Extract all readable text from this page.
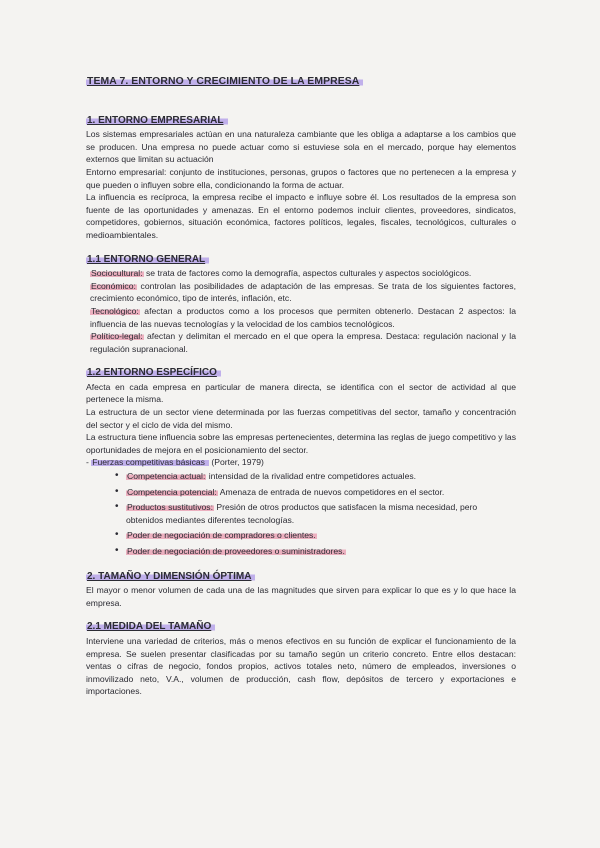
TEMA 7. ENTORNO Y CRECIMIENTO DE LA EMPRESA
1. ENTORNO EMPRESARIAL

Los sistemas empresariales actúan en una naturaleza cambiante que les obliga a adaptarse a los cambios que se producen. Una empresa no puede actuar como si estuviese sola en el mercado, porque hay elementos externos que limitan su actuación

Entorno empresarial: conjunto de instituciones, personas, grupos o factores que no pertenecen a la empresa y que pueden o influyen sobre ella, condicionando la forma de actuar.

La influencia es recíproca, la empresa recibe el impacto e influye sobre él. Los resultados de la empresa son fuente de las oportunidades y amenazas. En el entorno podemos incluir clientes, proveedores, sindicatos, competidores, gobiernos, situación económica, factores políticos, legales, fiscales, tecnológicos, culturales o medioambientales.

1.1 ENTORNO GENERAL

Sociocultural: se trata de factores como la demografía, aspectos culturales y aspectos sociológicos.

Económico: controlan las posibilidades de adaptación de las empresas. Se trata de los siguientes factores, crecimiento económico, tipo de interés, inflación, etc.

Tecnológico: afectan a productos como a los procesos que permiten obtenerlo. Destacan 2 aspectos: la influencia de las nuevas tecnologías y la velocidad de los cambios tecnológicos.

Político-legal: afectan y delimitan el mercado en el que opera la empresa. Destaca: regulación nacional y la regulación supranacional.

1.2 ENTORNO ESPECÍFICO

Afecta en cada empresa en particular de manera directa, se identifica con el sector de actividad al que pertenece la misma.

La estructura de un sector viene determinada por las fuerzas competitivas del sector, tamaño y concentración del sector y el ciclo de vida del mismo.

La estructura tiene influencia sobre las empresas pertenecientes, determina las reglas de juego competitivo y las oportunidades de mejora en el posicionamiento del sector.

- Fuerzas competitivas básicas (Porter, 1979)

• Competencia actual: intensidad de la rivalidad entre competidores actuales.
• Competencia potencial: Amenaza de entrada de nuevos competidores en el sector.
• Productos sustitutivos: Presión de otros productos que satisfacen la misma necesidad, pero obtenidos mediantes diferentes tecnologías.
• Poder de negociación de compradores o clientes.
• Poder de negociación de proveedores o suministradores.
2. TAMAÑO Y DIMENSIÓN ÓPTIMA

El mayor o menor volumen de cada una de las magnitudes que sirven para explicar lo que es y lo que hace la empresa.

2.1 MEDIDA DEL TAMAÑO

Interviene una variedad de criterios, más o menos efectivos en su función de explicar el funcionamiento de la empresa. Se suelen presentar clasificadas por su tamaño según un criterio concreto. Entre ellos destacan: ventas o cifras de negocio, fondos propios, activos totales neto, número de empleados, inversiones o inmovilizado neto, V.A., volumen de producción, cash flow, depósitos de tercero y exportaciones e importaciones.
